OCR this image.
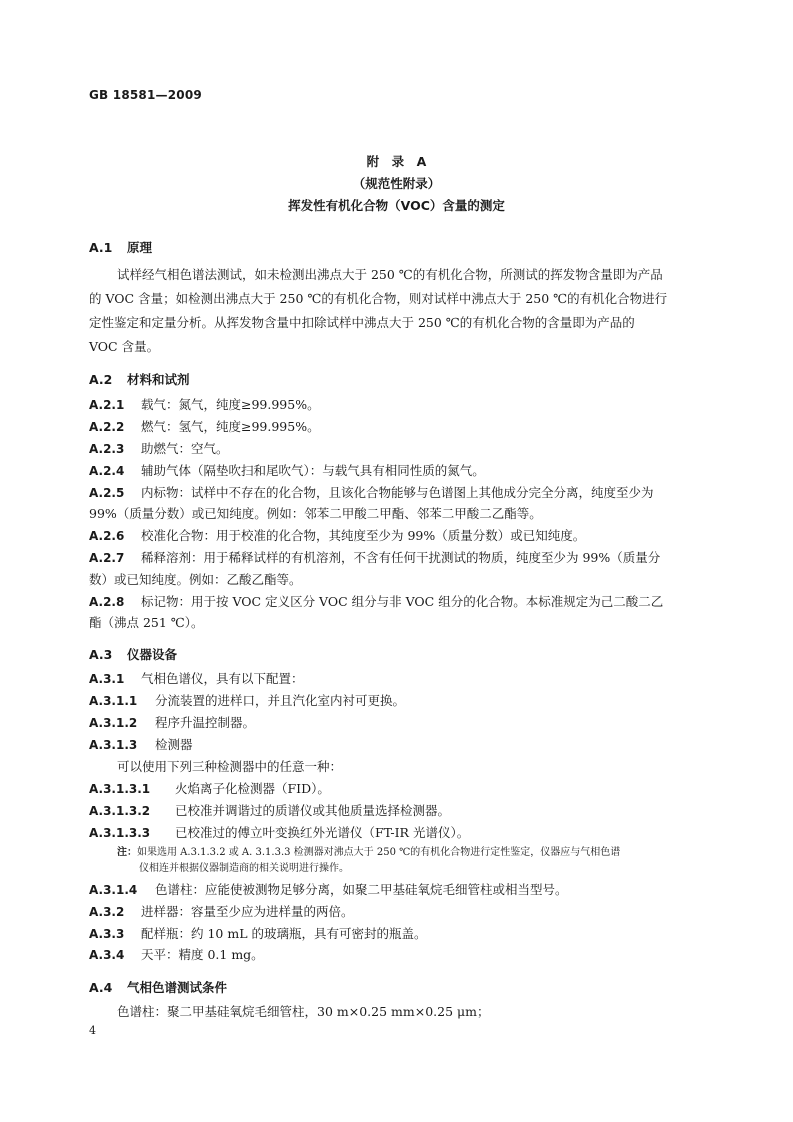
GB 18581—2009
附　录　A
（规范性附录）
挥发性有机化合物（VOC）含量的测定
A.1 原理
试样经气相色谱法测试，如未检测出沸点大于 250 ℃的有机化合物，所测试的挥发物含量即为产品
的 VOC 含量；如检测出沸点大于 250 ℃的有机化合物，则对试样中沸点大于 250 ℃的有机化合物进行
定性鉴定和定量分析。从挥发物含量中扣除试样中沸点大于 250 ℃的有机化合物的含量即为产品的
VOC 含量。
A.2 材料和试剂
A.2.1 载气：氮气，纯度≥99.995%。
A.2.2 燃气：氢气，纯度≥99.995%。
A.2.3 助燃气：空气。
A.2.4 辅助气体（隔垫吹扫和尾吹气）：与载气具有相同性质的氮气。
A.2.5 内标物：试样中不存在的化合物，且该化合物能够与色谱图上其他成分完全分离，纯度至少为
99%（质量分数）或已知纯度。例如：邻苯二甲酸二甲酯、邻苯二甲酸二乙酯等。
A.2.6 校准化合物：用于校准的化合物，其纯度至少为 99%（质量分数）或已知纯度。
A.2.7 稀释溶剂：用于稀释试样的有机溶剂，不含有任何干扰测试的物质，纯度至少为 99%（质量分
数）或已知纯度。例如：乙酸乙酯等。
A.2.8 标记物：用于按 VOC 定义区分 VOC 组分与非 VOC 组分的化合物。本标准规定为己二酸二乙
酯（沸点 251 ℃）。
A.3 仪器设备
A.3.1 气相色谱仪，具有以下配置：
A.3.1.1 分流装置的进样口，并且汽化室内衬可更换。
A.3.1.2 程序升温控制器。
A.3.1.3 检测器
可以使用下列三种检测器中的任意一种：
A.3.1.3.1 火焰离子化检测器（FID）。
A.3.1.3.2 已校准并调谐过的质谱仪或其他质量选择检测器。
A.3.1.3.3 已校准过的傅立叶变换红外光谱仪（FT-IR 光谱仪）。
注：如果选用 A.3.1.3.2 或 A. 3.1.3.3 检测器对沸点大于 250 ℃的有机化合物进行定性鉴定，仪器应与气相色谱
仪相连并根据仪器制造商的相关说明进行操作。
A.3.1.4 色谱柱：应能使被测物足够分离，如聚二甲基硅氧烷毛细管柱或相当型号。
A.3.2 进样器：容量至少应为进样量的两倍。
A.3.3 配样瓶：约 10 mL 的玻璃瓶，具有可密封的瓶盖。
A.3.4 天平：精度 0.1 mg。
A.4 气相色谱测试条件
色谱柱：聚二甲基硅氧烷毛细管柱，30 m×0.25 mm×0.25 μm；
4
